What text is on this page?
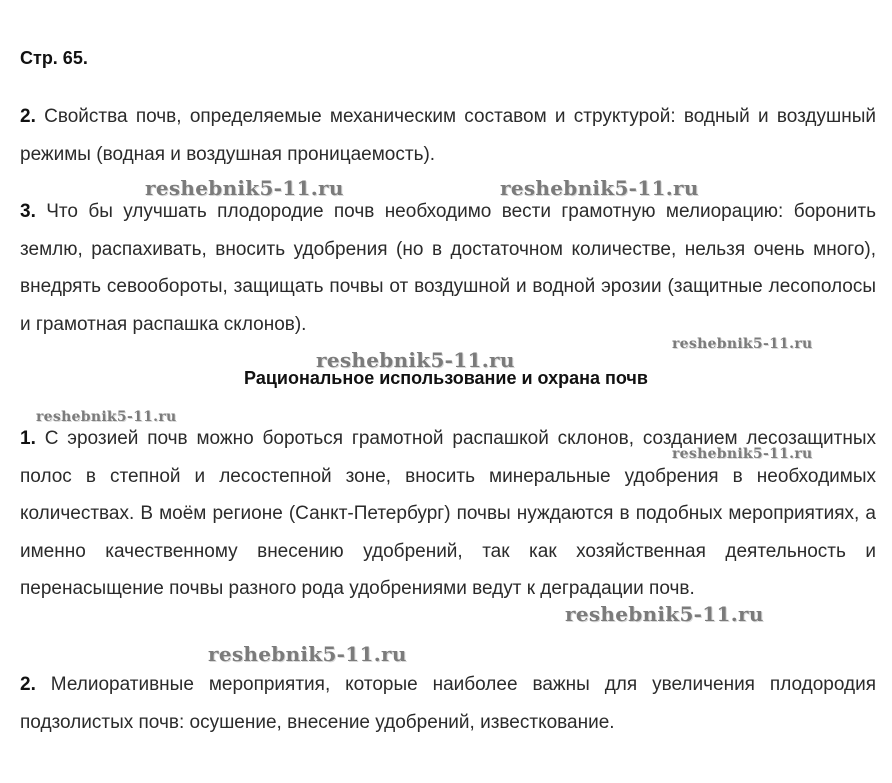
Стр. 65.

2. Свойства почв, определяемые механическим составом и структурой: водный и воздушный режимы (водная и воздушная проницаемость).

3. Что бы улучшать плодородие почв необходимо вести грамотную мелиорацию: боронить землю, распахивать, вносить удобрения (но в достаточном количестве, нельзя очень много), внедрять севообороты, защищать почвы от воздушной и водной эрозии (защитные лесополосы и грамотная распашка склонов).

Рациональное использование и охрана почв

1. С эрозией почв можно бороться грамотной распашкой склонов, созданием лесозащитных полос в степной и лесостепной зоне, вносить минеральные удобрения в необходимых количествах. В моём регионе (Санкт-Петербург) почвы нуждаются в подобных мероприятиях, а именно качественному внесению удобрений, так как хозяйственная деятельность и перенасыщение почвы разного рода удобрениями ведут к деградации почв.

2. Мелиоративные мероприятия, которые наиболее важны для увеличения плодородия подзолистых почв: осушение, внесение удобрений, известкование.

reshebnik5-11.ru	reshebnik5-11.ru
reshebnik5-11.ru
reshebnik5-11.ru
reshebnik5-11.ru
reshebnik5-11.ru
reshebnik5-11.ru
reshebnik5-11.ru
